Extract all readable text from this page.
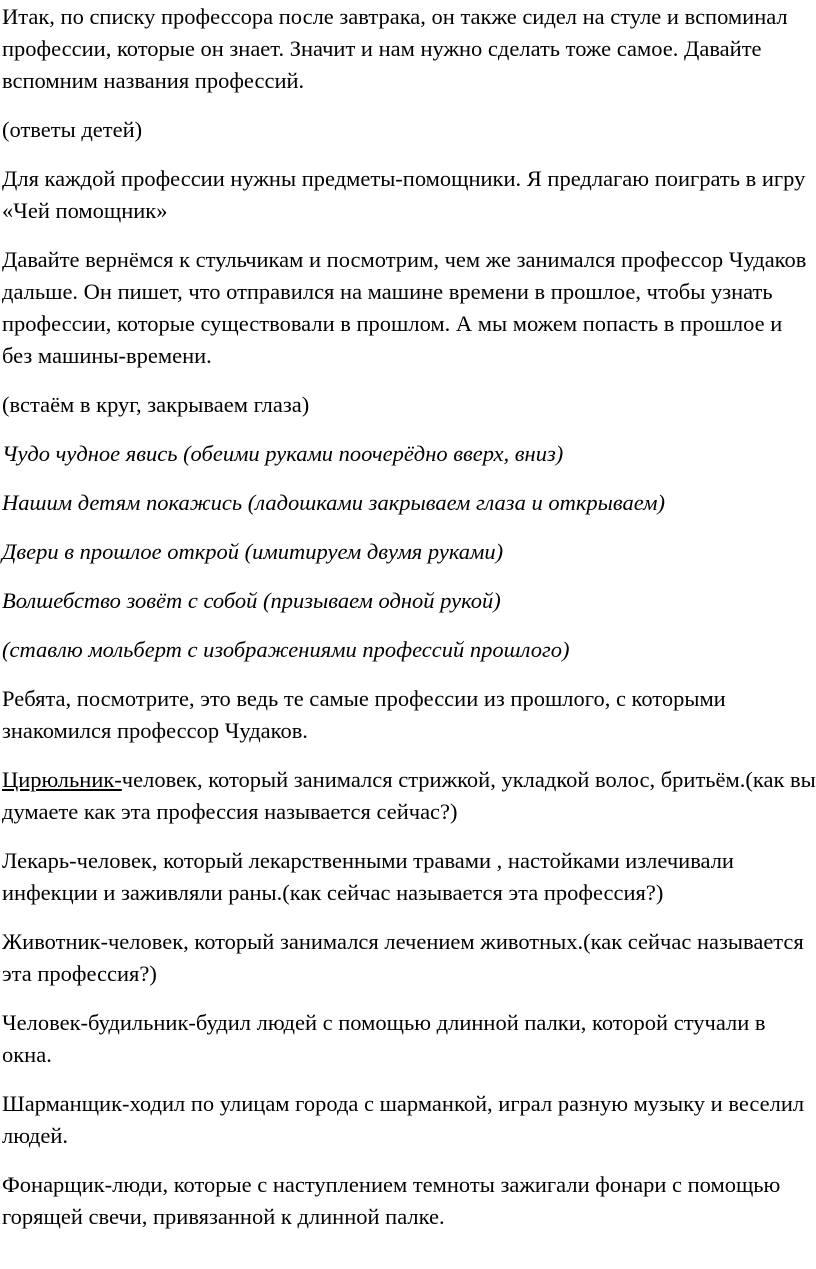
Итак, по списку профессора после завтрака, он также сидел на стуле и вспоминал профессии, которые он знает. Значит и нам нужно сделать тоже самое. Давайте вспомним названия профессий.

(ответы детей)

Для каждой профессии нужны предметы-помощники. Я предлагаю поиграть в игру «Чей помощник»

Давайте вернёмся к стульчикам и посмотрим, чем же занимался профессор Чудаков дальше. Он пишет, что отправился на машине времени в прошлое, чтобы узнать профессии, которые существовали в прошлом. А мы можем попасть в прошлое и без машины-времени.

(встаём в круг, закрываем глаза)

Чудо чудное явись (обеими руками поочерёдно вверх, вниз)

Нашим детям покажись (ладошками закрываем глаза и открываем)

Двери в прошлое открой (имитируем двумя руками)

Волшебство зовёт с собой (призываем одной рукой)

(ставлю мольберт с изображениями профессий прошлого)

Ребята, посмотрите, это ведь те самые профессии из прошлого, с которыми знакомился профессор Чудаков.

Цирюльник-человек, который занимался стрижкой, укладкой волос, бритьём.(как вы думаете как эта профессия называется сейчас?)

Лекарь-человек, который лекарственными травами , настойками излечивали инфекции и заживляли раны.(как сейчас называется эта профессия?)

Животник-человек, который занимался лечением животных.(как сейчас называется эта профессия?)

Человек-будильник-будил людей с помощью длинной палки, которой стучали в окна.

Шарманщик-ходил по улицам города с шарманкой, играл разную музыку и веселил людей.

Фонарщик-люди, которые с наступлением темноты зажигали фонари с помощью горящей свечи, привязанной к длинной палке.
